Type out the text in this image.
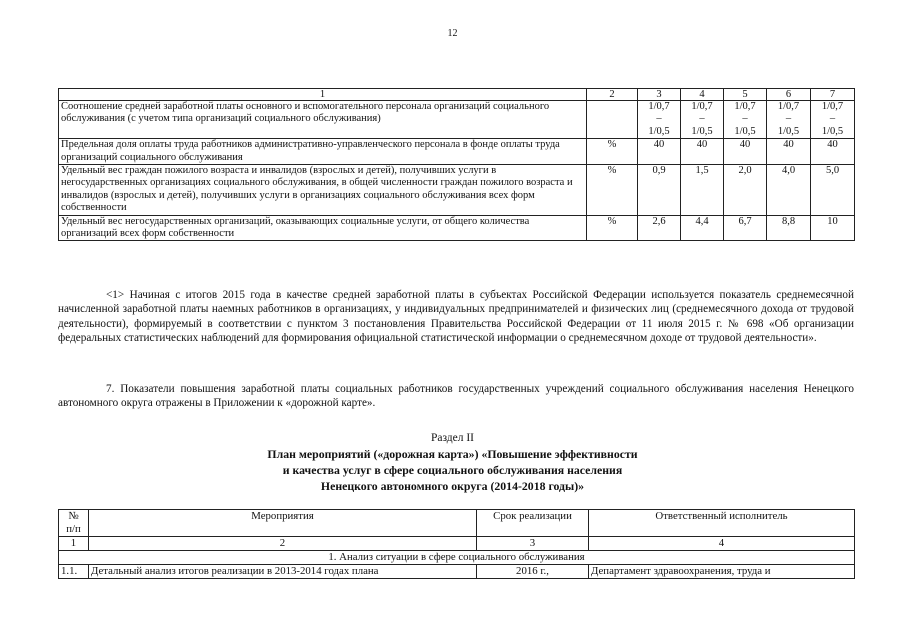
12
1	2	3	4	5	6	7
Соотношение средней заработной платы основного и вспомогательного персонала организаций социального обслуживания (с учетом типа организаций социального обслуживания)		1/0,7
–
1/0,5	1/0,7
–
1/0,5	1/0,7
–
1/0,5	1/0,7
–
1/0,5	1/0,7
–
1/0,5

Предельная доля оплаты труда работников административно-управленческого персонала в фонде оплаты труда организаций социального обслуживания	%	40	40	40	40	40
Удельный вес граждан пожилого возраста и инвалидов (взрослых и детей), получивших услуги в негосударственных организациях социального обслуживания, в общей численности граждан пожилого возраста и инвалидов (взрослых и детей), получивших услуги в организациях социального обслуживания всех форм собственности	%	0,9	1,5	2,0	4,0	5,0
Удельный вес негосударственных организаций, оказывающих социальные услуги, от общего количества организаций всех форм собственности	%	2,6	4,4	6,7	8,8	10

<1> Начиная с итогов 2015 года в качестве средней заработной платы в субъектах Российской Федерации используется показатель среднемесячной начисленной заработной платы наемных работников в организациях, у индивидуальных предпринимателей и физических лиц (среднемесячного дохода от трудовой деятельности), формируемый в соответствии с пунктом 3 постановления Правительства Российской Федерации от 11 июля 2015 г. № 698 «Об организации федеральных статистических наблюдений для формирования официальной статистической информации о среднемесячном доходе от трудовой деятельности».

7. Показатели повышения заработной платы социальных работников государственных учреждений социального обслуживания населения Ненецкого автономного округа отражены в Приложении к «дорожной карте».

Раздел II
План мероприятий («дорожная карта») «Повышение эффективности
и качества услуг в сфере социального обслуживания населения
Ненецкого автономного округа (2014-2018 годы)»
№
п/п	Мероприятия	Срок реализации	Ответственный исполнитель
1	2	3	4
1. Анализ ситуации в сфере социального обслуживания			
1.1.	Детальный анализ итогов реализации в 2013-2014 годах плана	2016 г.,	Департамент здравоохранения, труда и
